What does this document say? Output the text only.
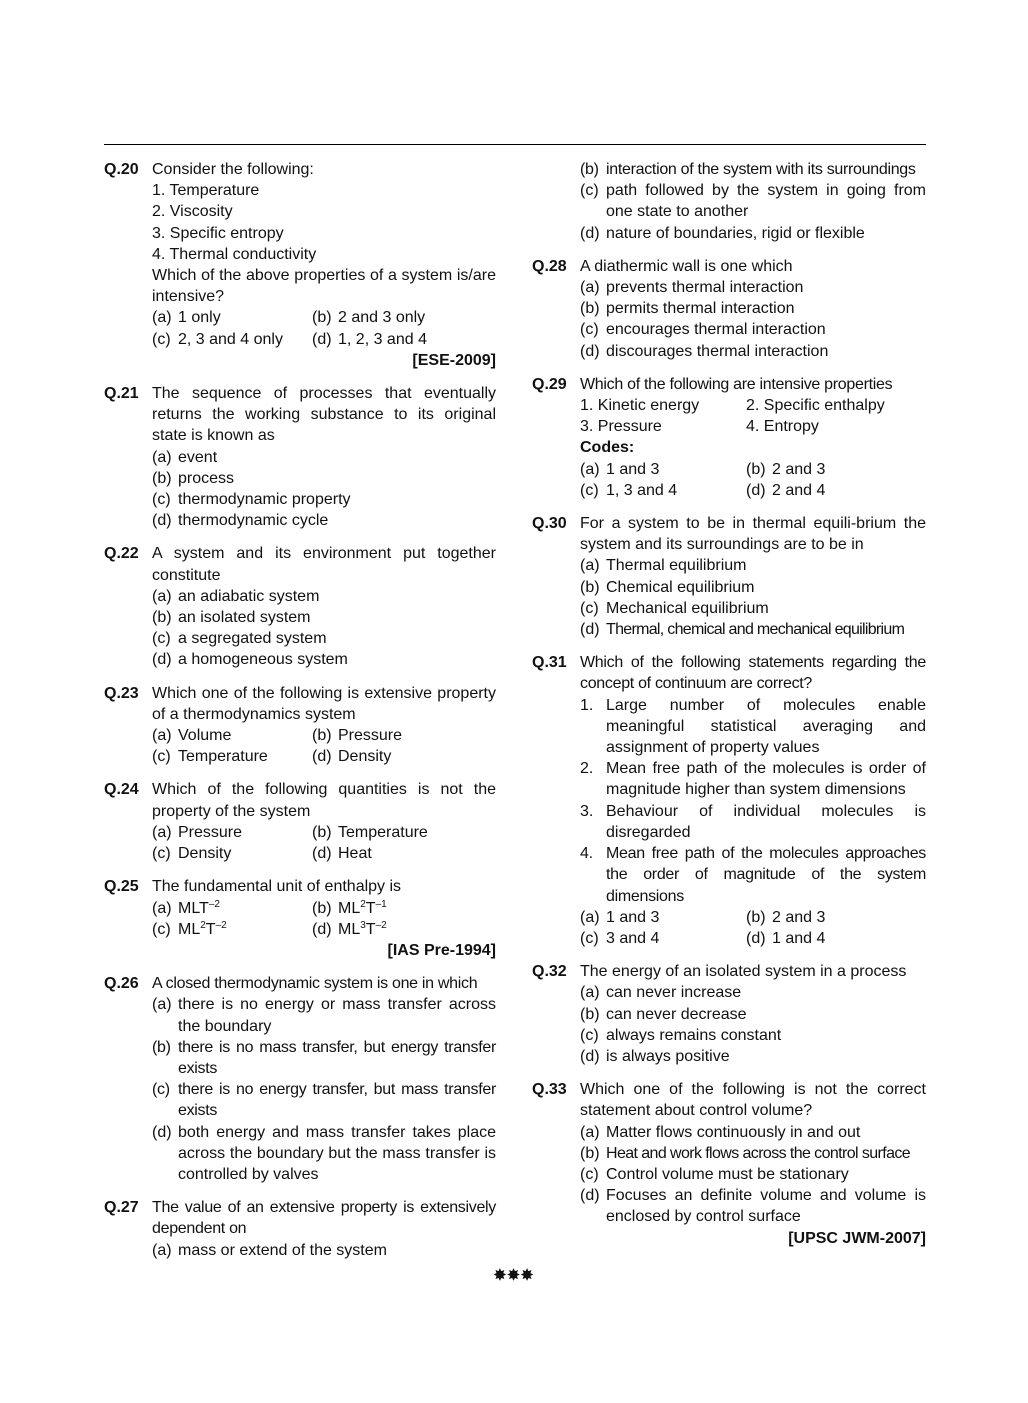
Q.20 Consider the following:
1. Temperature
2. Viscosity
3. Specific entropy
4. Thermal conductivity
Which of the above properties of a system is/are intensive?
(a) 1 only	(b) 2 and 3 only
(c) 2, 3 and 4 only	(d) 1, 2, 3 and 4
[ESE-2009]
Q.21 The sequence of processes that eventually returns the working substance to its original state is known as
(a) event
(b) process
(c) thermodynamic property
(d) thermodynamic cycle
Q.22 A system and its environment put together constitute
(a) an adiabatic system
(b) an isolated system
(c) a segregated system
(d) a homogeneous system
Q.23 Which one of the following is extensive property of a thermodynamics system
(a) Volume	(b) Pressure
(c) Temperature	(d) Density
Q.24 Which of the following quantities is not the property of the system
(a) Pressure	(b) Temperature
(c) Density	(d) Heat
Q.25 The fundamental unit of enthalpy is
(a) $MLT^{-2}$	(b) $ML^2T^{-1}$
(c) $ML^2T^{-2}$	(d) $ML^3T^{-2}$
[IAS Pre-1994]
Q.26 A closed thermodynamic system is one in which
(a) there is no energy or mass transfer across the boundary
(b) there is no mass transfer, but energy transfer exists
(c) there is no energy transfer, but mass transfer exists
(d) both energy and mass transfer takes place across the boundary but the mass transfer is controlled by valves
Q.27 The value of an extensive property is extensively dependent on
(a) mass or extend of the system
(b) interaction of the system with its surroundings
(c) path followed by the system in going from one state to another
(d) nature of boundaries, rigid or flexible
Q.28 A diathermic wall is one which
(a) prevents thermal interaction
(b) permits thermal interaction
(c) encourages thermal interaction
(d) discourages thermal interaction
Q.29 Which of the following are intensive properties
1. Kinetic energy	2. Specific enthalpy
3. Pressure	4. Entropy
Codes:
(a) 1 and 3	(b) 2 and 3
(c) 1, 3 and 4	(d) 2 and 4
Q.30 For a system to be in thermal equili-brium the system and its surroundings are to be in
(a) Thermal equilibrium
(b) Chemical equilibrium
(c) Mechanical equilibrium
(d) Thermal, chemical and mechanical equilibrium
Q.31 Which of the following statements regarding the concept of continuum are correct?
1. Large number of molecules enable meaningful statistical averaging and assignment of property values
2. Mean free path of the molecules is order of magnitude higher than system dimensions
3. Behaviour of individual molecules is disregarded
4. Mean free path of the molecules approaches the order of magnitude of the system dimensions
(a) 1 and 3	(b) 2 and 3
(c) 3 and 4	(d) 1 and 4
Q.32 The energy of an isolated system in a process
(a) can never increase
(b) can never decrease
(c) always remains constant
(d) is always positive
Q.33 Which one of the following is not the correct statement about control volume?
(a) Matter flows continuously in and out
(b) Heat and work flows across the control surface
(c) Control volume must be stationary
(d) Focuses an definite volume and volume is enclosed by control surface
[UPSC JWM-2007]
✸✸✸
